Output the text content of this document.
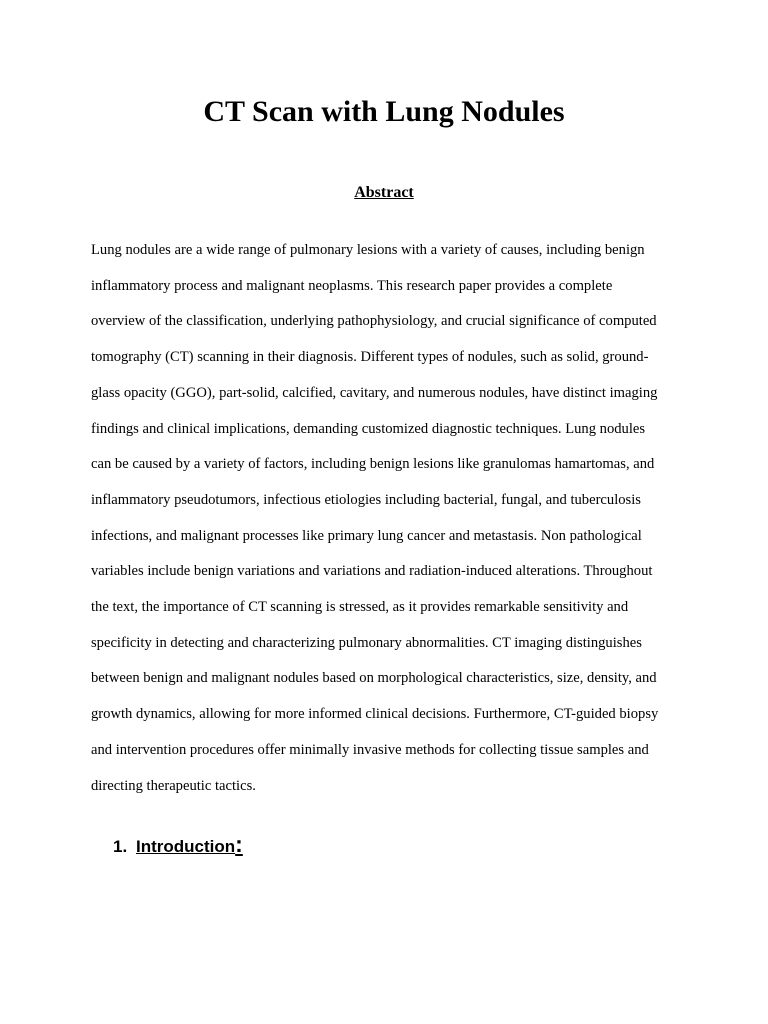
CT Scan with Lung Nodules
Abstract
Lung nodules are a wide range of pulmonary lesions with a variety of causes, including benign
inflammatory process and malignant neoplasms. This research paper provides a complete
overview of the classification, underlying pathophysiology, and crucial significance of computed
tomography (CT) scanning in their diagnosis. Different types of nodules, such as solid, ground-
glass opacity (GGO), part-solid, calcified, cavitary, and numerous nodules, have distinct imaging
findings and clinical implications, demanding customized diagnostic techniques. Lung nodules
can be caused by a variety of factors, including benign lesions like granulomas hamartomas, and
inflammatory pseudotumors, infectious etiologies including bacterial, fungal, and tuberculosis
infections, and malignant processes like primary lung cancer and metastasis. Non pathological
variables include benign variations and variations and radiation-induced alterations. Throughout
the text, the importance of CT scanning is stressed, as it provides remarkable sensitivity and
specificity in detecting and characterizing pulmonary abnormalities. CT imaging distinguishes
between benign and malignant nodules based on morphological characteristics, size, density, and
growth dynamics, allowing for more informed clinical decisions. Furthermore, CT-guided biopsy
and intervention procedures offer minimally invasive methods for collecting tissue samples and
directing therapeutic tactics.
1. Introduction:
